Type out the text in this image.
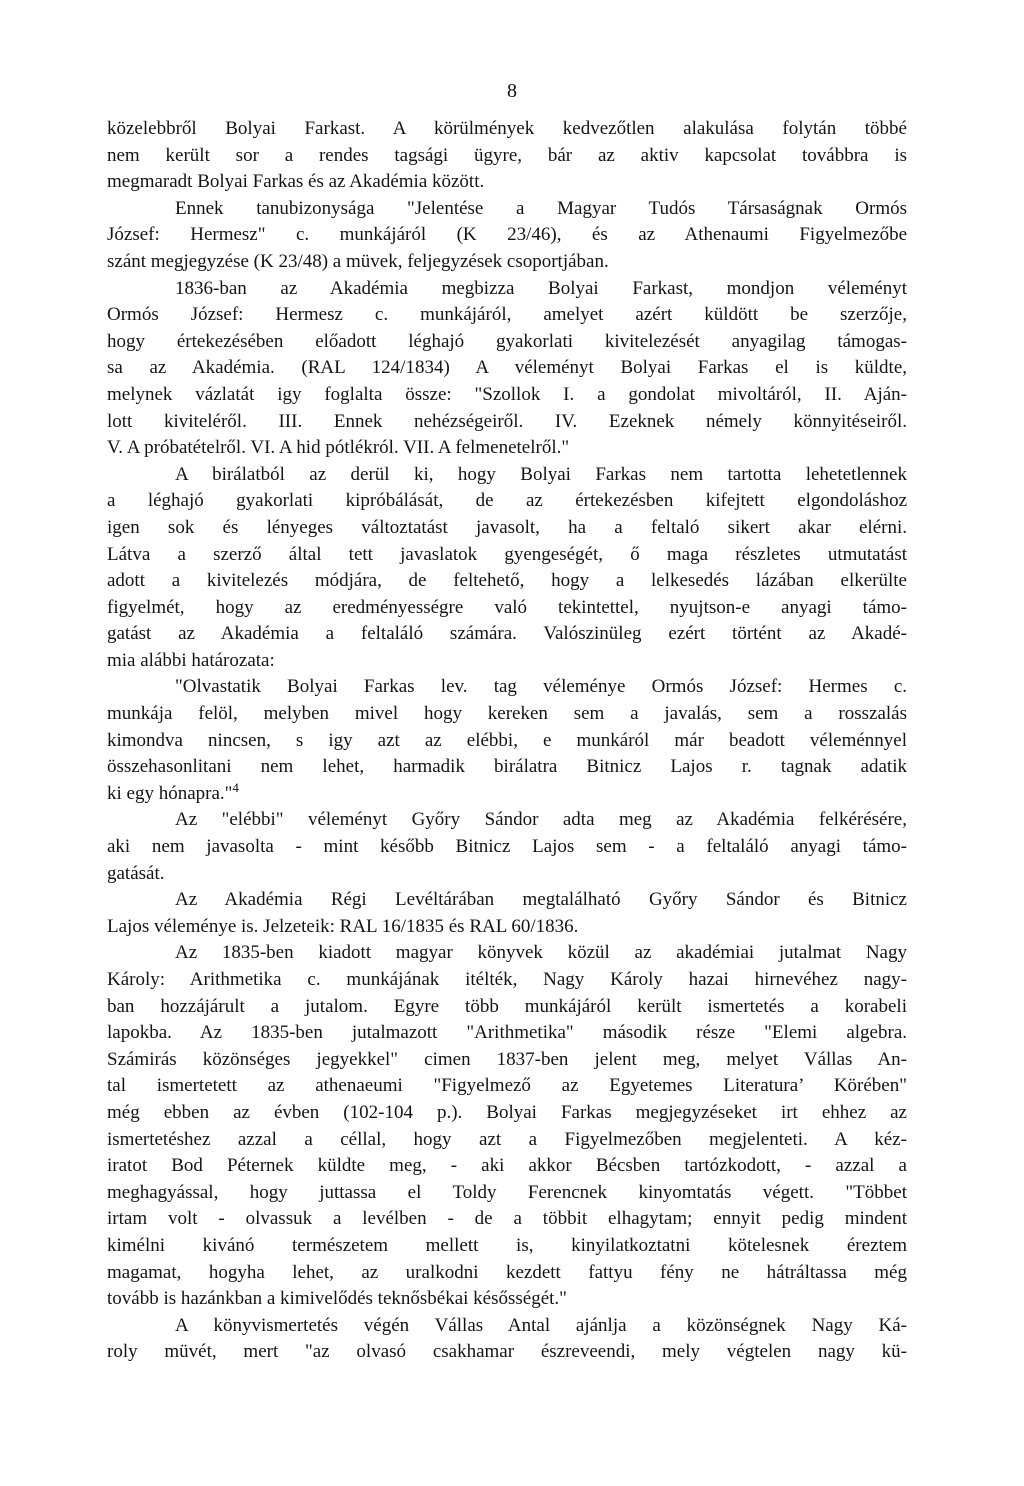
8
közelebbről Bolyai Farkast. A körülmények kedvezőtlen alakulása folytán többé
nem került sor a rendes tagsági ügyre, bár az aktiv kapcsolat továbbra is
megmaradt Bolyai Farkas és az Akadémia között.
Ennek tanubizonysága "Jelentése a Magyar Tudós Társaságnak Ormós
József: Hermesz" c. munkájáról (K 23/46), és az Athenaumi Figyelmezőbe
szánt megjegyzése (K 23/48) a müvek, feljegyzések csoportjában.
1836-ban az Akadémia megbizza Bolyai Farkast, mondjon véleményt
Ormós József: Hermesz c. munkájáról, amelyet azért küldött be szerzője,
hogy értekezésében előadott léghajó gyakorlati kivitelezését anyagilag támogas-
sa az Akadémia. (RAL 124/1834) A véleményt Bolyai Farkas el is küldte,
melynek vázlatát igy foglalta össze: "Szollok I. a gondolat mivoltáról, II. Aján-
lott kiviteléről. III. Ennek nehézségeiről. IV. Ezeknek némely könnyitéseiről.
V. A próbatételről. VI. A hid pótlékról. VII. A felmenetelről."
A birálatból az derül ki, hogy Bolyai Farkas nem tartotta lehetetlennek
a léghajó gyakorlati kipróbálását, de az értekezésben kifejtett elgondoláshoz
igen sok és lényeges változtatást javasolt, ha a feltaló sikert akar elérni.
Látva a szerző által tett javaslatok gyengeségét, ő maga részletes utmutatást
adott a kivitelezés módjára, de feltehető, hogy a lelkesedés lázában elkerülte
figyelmét, hogy az eredményességre való tekintettel, nyujtson-e anyagi támo-
gatást az Akadémia a feltaláló számára. Valószinüleg ezért történt az Akadé-
mia alábbi határozata:
"Olvastatik Bolyai Farkas lev. tag véleménye Ormós József: Hermes c.
munkája felöl, melyben mivel hogy kereken sem a javalás, sem a rosszalás
kimondva nincsen, s igy azt az elébbi, e munkáról már beadott véleménnyel
összehasonlitani nem lehet, harmadik birálatra Bitnicz Lajos r. tagnak adatik
ki egy hónapra."$^4$
Az "elébbi" véleményt Győry Sándor adta meg az Akadémia felkérésére,
aki nem javasolta - mint később Bitnicz Lajos sem - a feltaláló anyagi támo-
gatását.
Az Akadémia Régi Levéltárában megtalálható Győry Sándor és Bitnicz
Lajos véleménye is. Jelzeteik: RAL 16/1835 és RAL 60/1836.
Az 1835-ben kiadott magyar könyvek közül az akadémiai jutalmat Nagy
Károly: Arithmetika c. munkájának itélték, Nagy Károly hazai hirnevéhez nagy-
ban hozzájárult a jutalom. Egyre több munkájáról került ismertetés a korabeli
lapokba. Az 1835-ben jutalmazott "Arithmetika" második része "Elemi algebra.
Számirás közönséges jegyekkel" cimen 1837-ben jelent meg, melyet Vállas An-
tal ismertetett az athenaeumi "Figyelmező az Egyetemes Literatura’ Körében"
még ebben az évben (102-104 p.). Bolyai Farkas megjegyzéseket irt ehhez az
ismertetéshez azzal a céllal, hogy azt a Figyelmezőben megjelenteti. A kéz-
iratot Bod Péternek küldte meg, - aki akkor Bécsben tartózkodott, - azzal a
meghagyással, hogy juttassa el Toldy Ferencnek kinyomtatás végett. "Többet
irtam volt - olvassuk a levélben - de a többit elhagytam; ennyit pedig mindent
kimélni kivánó természetem mellett is, kinyilatkoztatni kötelesnek éreztem
magamat, hogyha lehet, az uralkodni kezdett fattyu fény ne hátráltassa még
tovább is hazánkban a kimivelődés teknősbékai késősségét."
A könyvismertetés végén Vállas Antal ajánlja a közönségnek Nagy Ká-
roly müvét, mert "az olvasó csakhamar észreveendi, mely végtelen nagy kü-
